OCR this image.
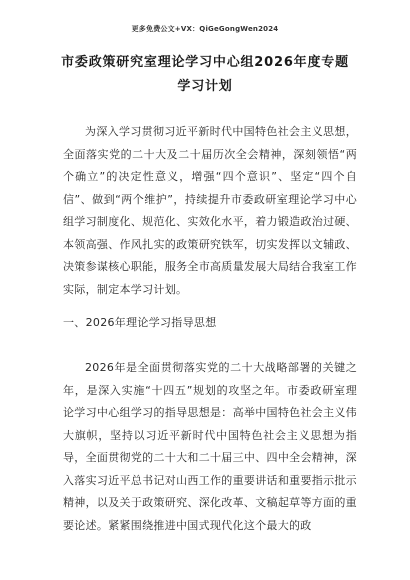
更多免费公文+VX：QiGeGongWen2024
市委政策研究室理论学习中心组2026年度专题学习计划

为深入学习贯彻习近平新时代中国特色社会主义思想，全面落实党的二十大及二十届历次全会精神，深刻领悟“两个确立”的决定性意义，增强“四个意识”、坚定“四个自信”、做到“两个维护”，持续提升市委政研室理论学习中心组学习制度化、规范化、实效化水平，着力锻造政治过硬、本领高强、作风扎实的政策研究铁军，切实发挥以文辅政、决策参谋核心职能，服务全市高质量发展大局结合我室工作实际，制定本学习计划。

一、2026年理论学习指导思想

2026年是全面贯彻落实党的二十大战略部署的关键之年，是深入实施“十四五”规划的攻坚之年。市委政研室理论学习中心组学习的指导思想是：高举中国特色社会主义伟大旗帜，坚持以习近平新时代中国特色社会主义思想为指导，全面贯彻党的二十大和二十届三中、四中全会精神，深入落实习近平总书记对山西工作的重要讲话和重要指示批示精神，以及关于政策研究、深化改革、文稿起草等方面的重要论述。紧紧围绕推进中国式现代化这个最大的政
